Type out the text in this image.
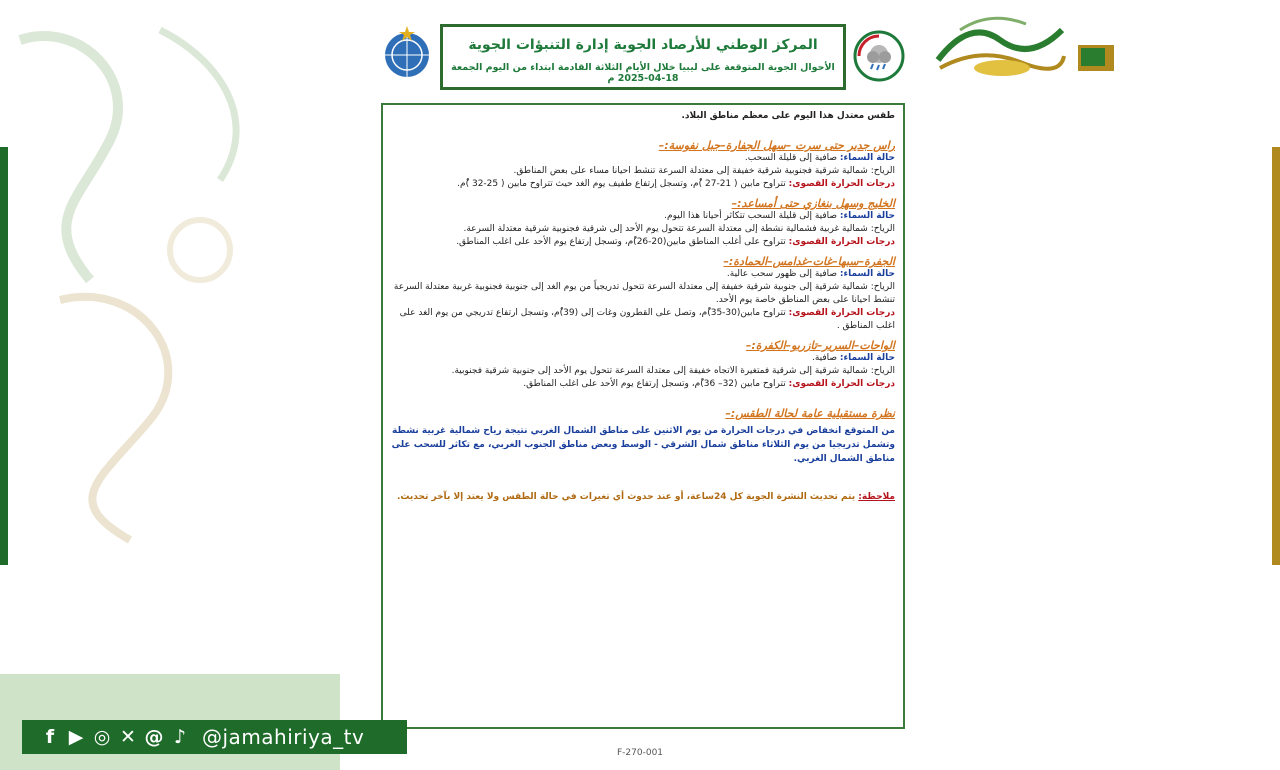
المركز الوطني للأرصاد الجوية إدارة التنبؤات الجوية
الأحوال الجوية المتوقعة على ليبيا خلال الأيام الثلاثة القادمة ابتداء من اليوم الجمعة 18-04-2025 م

طقس معتدل هذا اليوم على معظم مناطق البلاد.

راس جدير حتى سرت –سهل الجفارة–جبل نفوسة:–

حالة السماء: صافية إلى قليلة السحب.

الرياح: شمالية شرقية فجنوبية شرقية خفيفة إلى معتدلة السرعة تنشط احيانا مساء على بعض المناطق.

درجات الحرارة القصوى: تتراوح مابين ( 21-27 )ْم، وتسجل إرتفاع طفيف يوم الغد حيث تتراوح مابين ( 25-32 )ْم.

الخليج وسهل بنغازي حتى أمساعد:–

حالة السماء: صافية إلى قليلة السحب تتكاثر أحيانا هذا اليوم.

الرياح: شمالية غربية فشمالية نشطة إلى معتدلة السرعة تتحول يوم الأحد إلى شرقية فجنوبية شرقية معتدلة السرعة.

درجات الحرارة القصوى: تتراوح على أغلب المناطق مابين(20-26)ْم، وتسجل إرتفاع يوم الأحد على اغلب المناطق.

الجفرة–سبها–غات–غدامس–الحمادة:–

حالة السماء: صافية إلى ظهور سحب عالية.

الرياح: شمالية شرقية إلى جنوبية شرقية خفيفة إلى معتدلة السرعة تتحول تدريجياً من يوم الغد إلى جنوبية فجنوبية غربية معتدلة السرعة تنشط احيانا على بعض المناطق خاصة يوم الأحد.

درجات الحرارة القصوى: تتراوح مابين(30-35)ْم، وتصل على القطرون وغات إلى (39)ْم، وتسجل ارتفاع تدريجي من يوم الغد على اغلب المناطق .

الواحات–السرير–تازربو–الكفرة:–

حالة السماء: صافية.

الرياح: شمالية شرقية إلى شرقية فمتغيرة الاتجاه خفيفة إلى معتدلة السرعة تتحول يوم الأحد إلى جنوبية شرقية فجنوبية.

درجات الحرارة القصوى: تتراوح مابين (32– 36)ْم، وتسجل إرتفاع يوم الأحد على اغلب المناطق.

نظرة مستقبلية عامة لحالة الطقس:–

من المتوقع انخفاض في درجات الحرارة من يوم الاثنين على مناطق الشمال الغربي نتيجة رياح شمالية غربية نشطة وتشمل تدريجيا من يوم الثلاثاء مناطق شمال الشرقي - الوسط وبعض مناطق الجنوب الغربي، مع تكاثر للسحب على مناطق الشمال الغربي.

ملاحظة: يتم تحديث النشرة الجوية كل 24ساعة، أو عند حدوث أي تغيرات في حالة الطقس ولا يعتد إلا بآخر تحديث.

F-270-001
f ▶ ◎ ✕ @ ♪ @jamahiriya_tv
